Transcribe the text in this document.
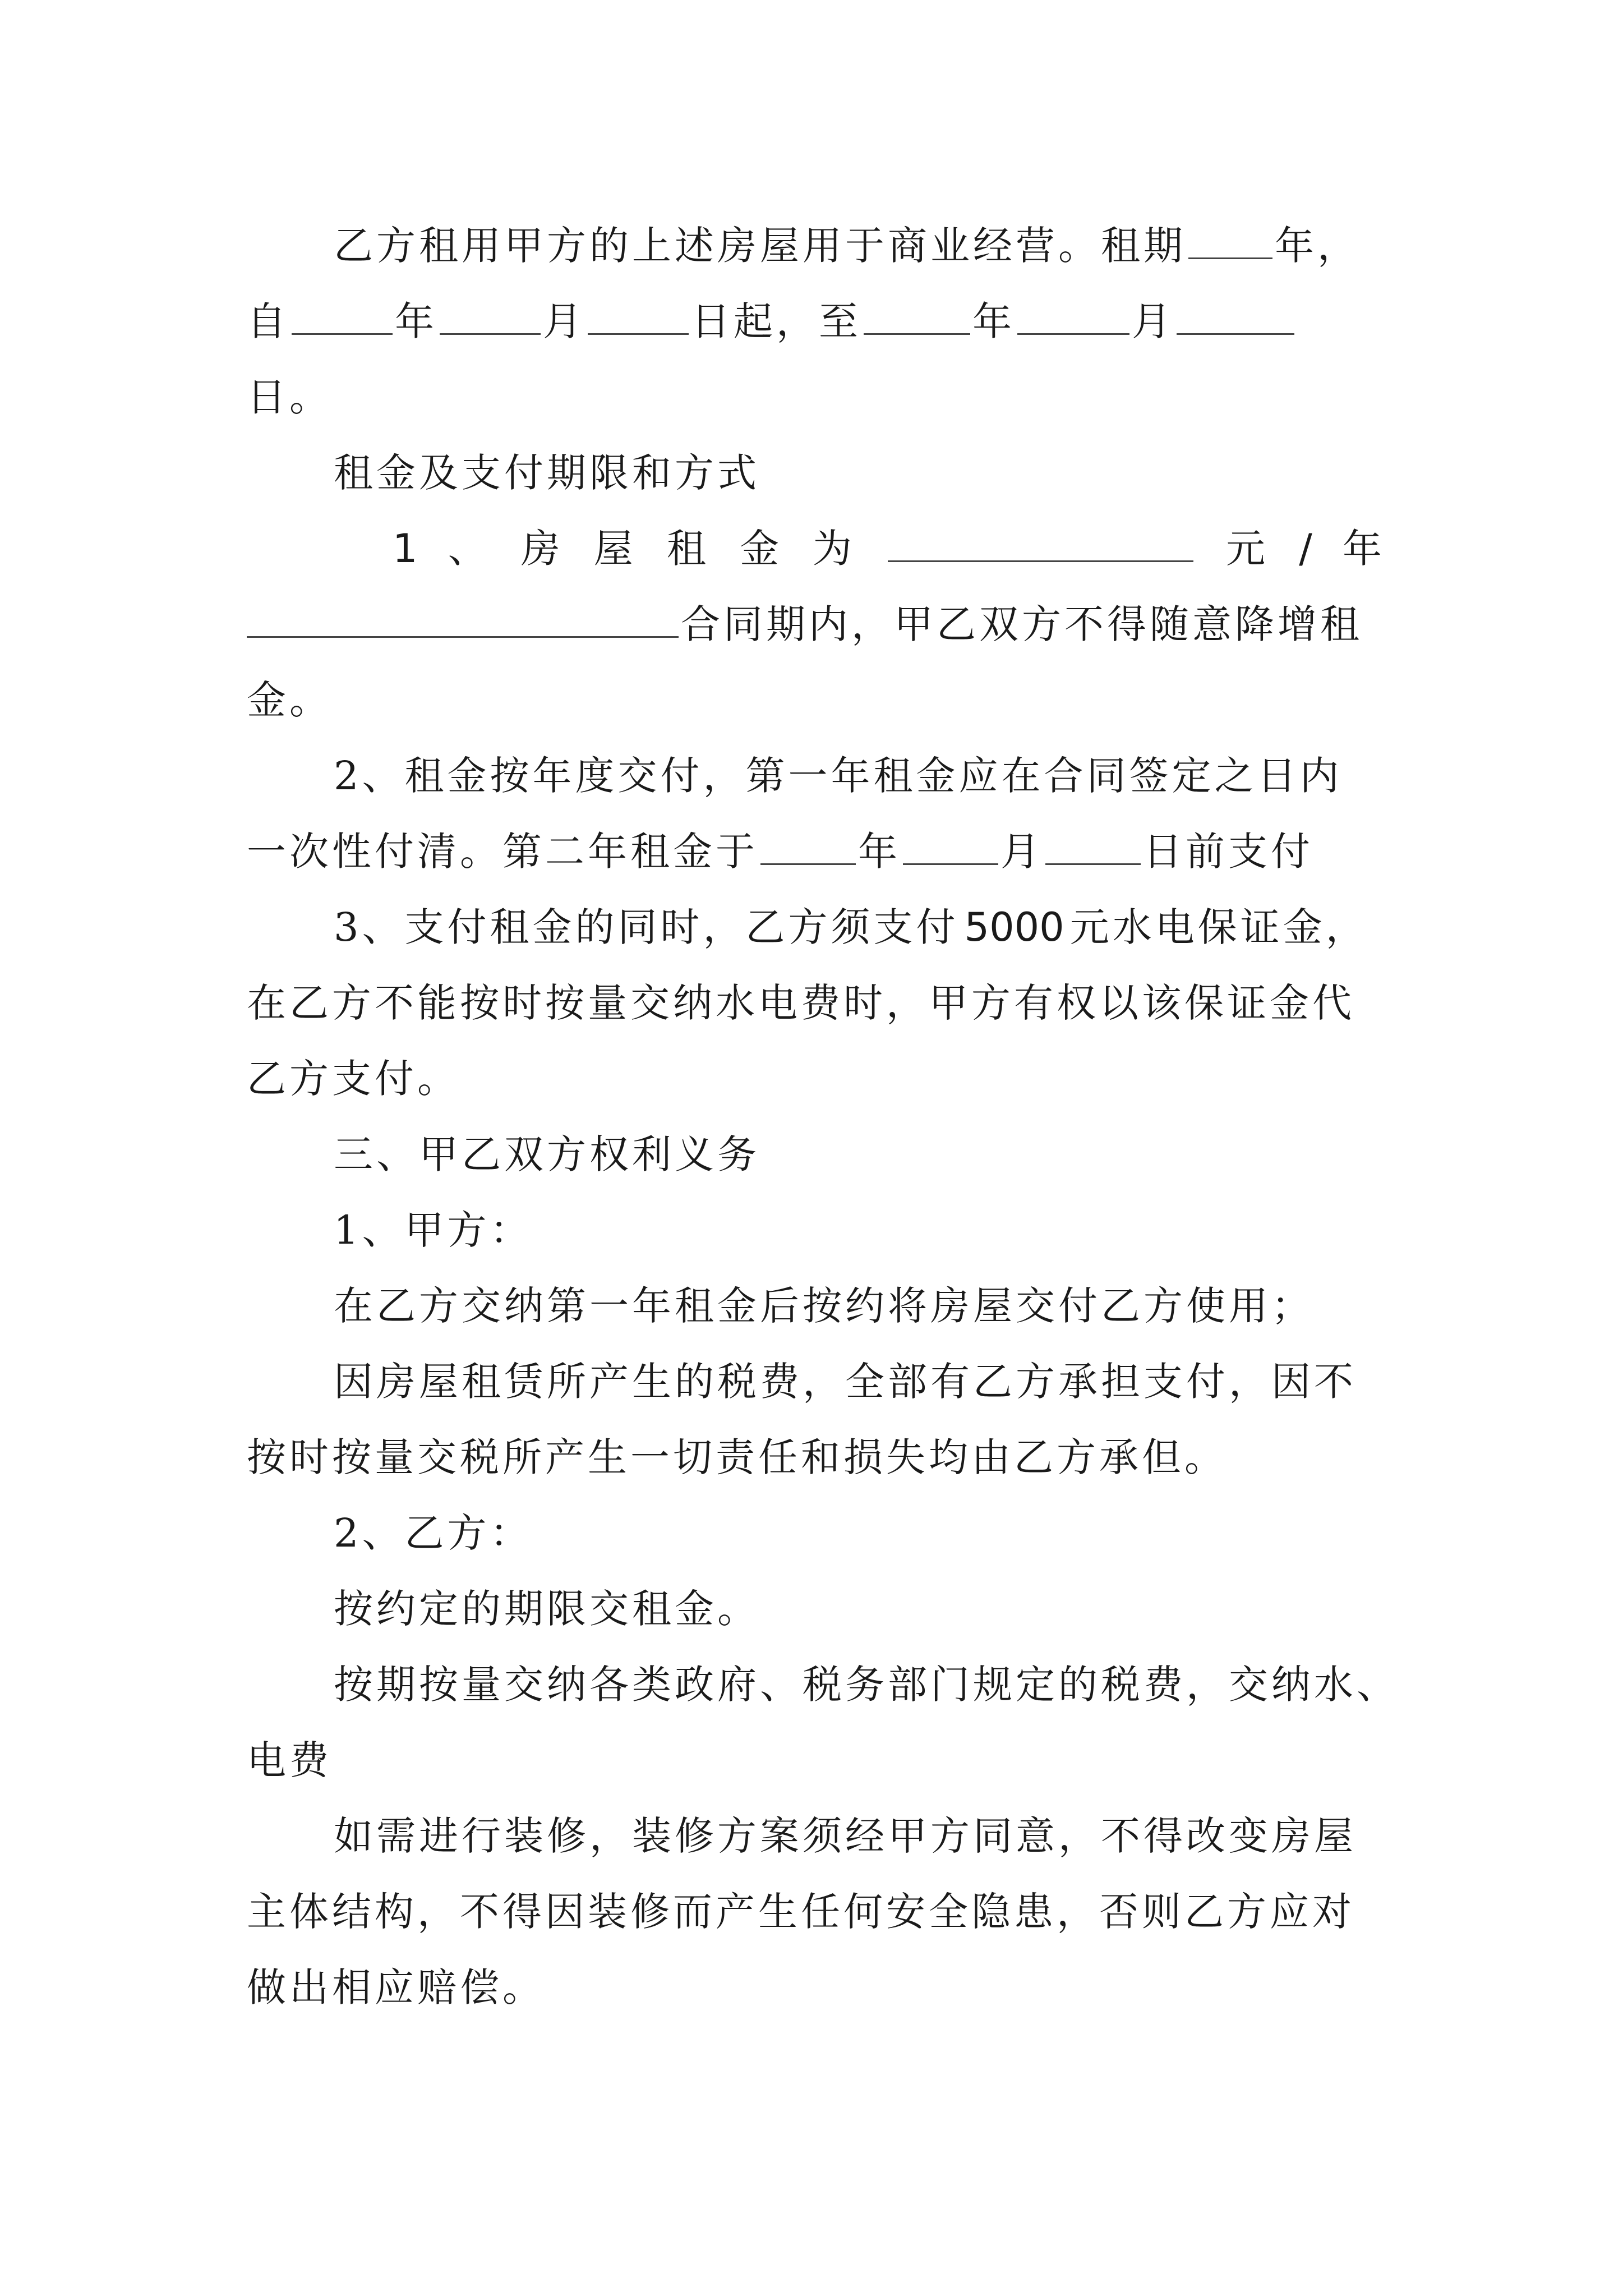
乙方租用甲方的上述房屋用于商业经营。租期 年，
自	年	月	日起，至	年	月
日。
租金及支付期限和方式
1 、 房 屋 租 金 为	元 / 年
合同期内，甲乙双方不得随意降增租
金。
2、租金按年度交付，第一年租金应在合同签定之日内
一次性付清。第二年租金于	年	月	日前支付
3、支付租金的同时，乙方须支付 5000 元水电保证金，
在乙方不能按时按量交纳水电费时，甲方有权以该保证金代
乙方支付。
三、甲乙双方权利义务
1、甲方：
在乙方交纳第一年租金后按约将房屋交付乙方使用；
因房屋租赁所产生的税费，全部有乙方承担支付，因不
按时按量交税所产生一切责任和损失均由乙方承但。
2、乙方：
按约定的期限交租金。
按期按量交纳各类政府、税务部门规定的税费，交纳水、
电费
如需进行装修，装修方案须经甲方同意，不得改变房屋
主体结构，不得因装修而产生任何安全隐患，否则乙方应对
做出相应赔偿。
